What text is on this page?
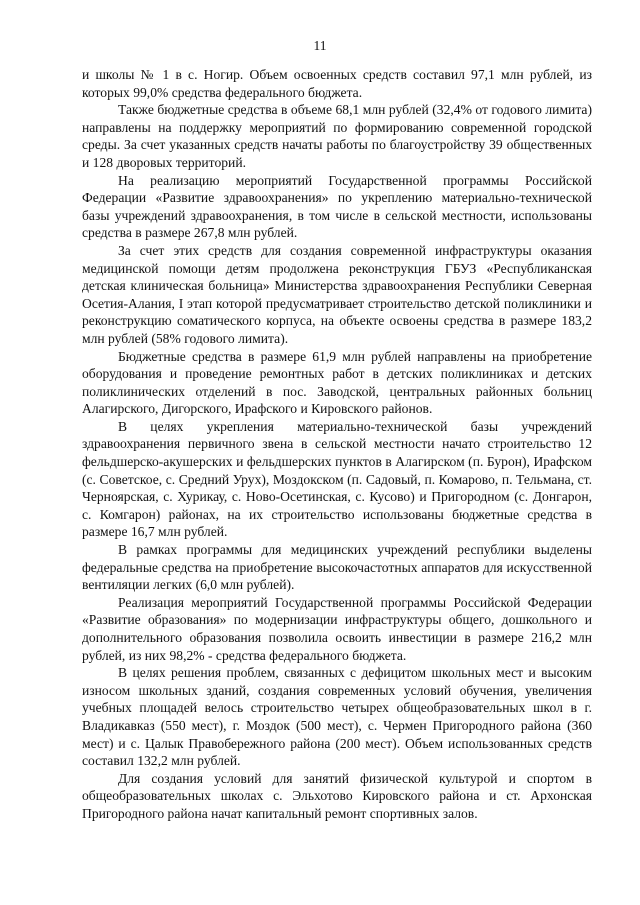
11

и школы № 1 в с. Ногир. Объем освоенных средств составил 97,1 млн рублей, из которых 99,0% средства федерального бюджета.

Также бюджетные средства в объеме 68,1 млн рублей (32,4% от годового лимита) направлены на поддержку мероприятий по формированию современной городской среды. За счет указанных средств начаты работы по благоустройству 39 общественных и 128 дворовых территорий.

На реализацию мероприятий Государственной программы Российской Федерации «Развитие здравоохранения» по укреплению материально-технической базы учреждений здравоохранения, в том числе в сельской местности, использованы средства в размере 267,8 млн рублей.

За счет этих средств для создания современной инфраструктуры оказания медицинской помощи детям продолжена реконструкция ГБУЗ «Республиканская детская клиническая больница» Министерства здравоохранения Республики Северная Осетия-Алания, I этап которой предусматривает строительство детской поликлиники и реконструкцию соматического корпуса, на объекте освоены средства в размере 183,2 млн рублей (58% годового лимита).

Бюджетные средства в размере 61,9 млн рублей направлены на приобретение оборудования и проведение ремонтных работ в детских поликлиниках и детских поликлинических отделений в пос. Заводской, центральных районных больниц Алагирского, Дигорского, Ирафского и Кировского районов.

В целях укрепления материально-технической базы учреждений здравоохранения первичного звена в сельской местности начато строительство 12 фельдшерско-акушерских и фельдшерских пунктов в Алагирском (п. Бурон), Ирафском (с. Советское, с. Средний Урух), Моздокском (п. Садовый, п. Комарово, п. Тельмана, ст. Черноярская, с. Хурикау, с. Ново-Осетинская, с. Кусово) и Пригородном (с. Донгарон, с. Комгарон) районах, на их строительство использованы бюджетные средства в размере 16,7 млн рублей.

В рамках программы для медицинских учреждений республики выделены федеральные средства на приобретение высокочастотных аппаратов для искусственной вентиляции легких (6,0 млн рублей).

Реализация мероприятий Государственной программы Российской Федерации «Развитие образования» по модернизации инфраструктуры общего, дошкольного и дополнительного образования позволила освоить инвестиции в размере 216,2 млн рублей, из них 98,2% - средства федерального бюджета.

В целях решения проблем, связанных с дефицитом школьных мест и высоким износом школьных зданий, создания современных условий обучения, увеличения учебных площадей велось строительство четырех общеобразовательных школ в г. Владикавказ (550 мест), г. Моздок (500 мест), с. Чермен Пригородного района (360 мест) и с. Цалык Правобережного района (200 мест). Объем использованных средств составил 132,2 млн рублей.

Для создания условий для занятий физической культурой и спортом в общеобразовательных школах с. Эльхотово Кировского района и ст. Архонская Пригородного района начат капитальный ремонт спортивных залов.
